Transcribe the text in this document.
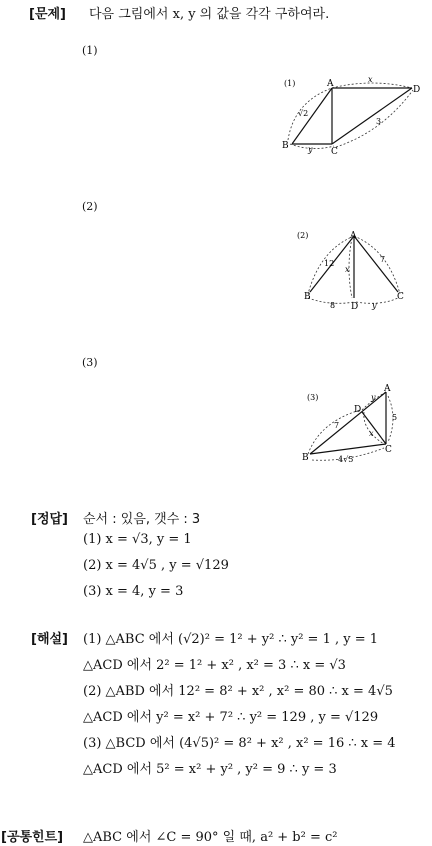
[문제] 다음 그림에서 x, y 의 값을 각각 구하여라.
(1)
(2)
(3)
(1)	A
D
B
C
x
√2
3
y
(2)	A
B
D
C
12	7
x
8	y
(3)
A
D
C
B
y
5
x
7
4√5
[정답] 순서 : 있음, 갯수 : 3
(1) x = √3, y = 1
(2) x = 4√5 , y = √129
(3) x = 4, y = 3
[해설] (1) △ABC 에서 (√2)² = 1² + y² ∴ y² = 1 , y = 1
△ACD 에서 2² = 1² + x² , x² = 3 ∴ x = √3
(2) △ABD 에서 12² = 8² + x² , x² = 80 ∴ x = 4√5
△ACD 에서 y² = x² + 7² ∴ y² = 129 , y = √129
(3) △BCD 에서 (4√5)² = 8² + x² , x² = 16 ∴ x = 4
△ACD 에서 5² = x² + y² , y² = 9 ∴ y = 3
[공통힌트] △ABC 에서 ∠C = 90° 일 때, a² + b² = c²
